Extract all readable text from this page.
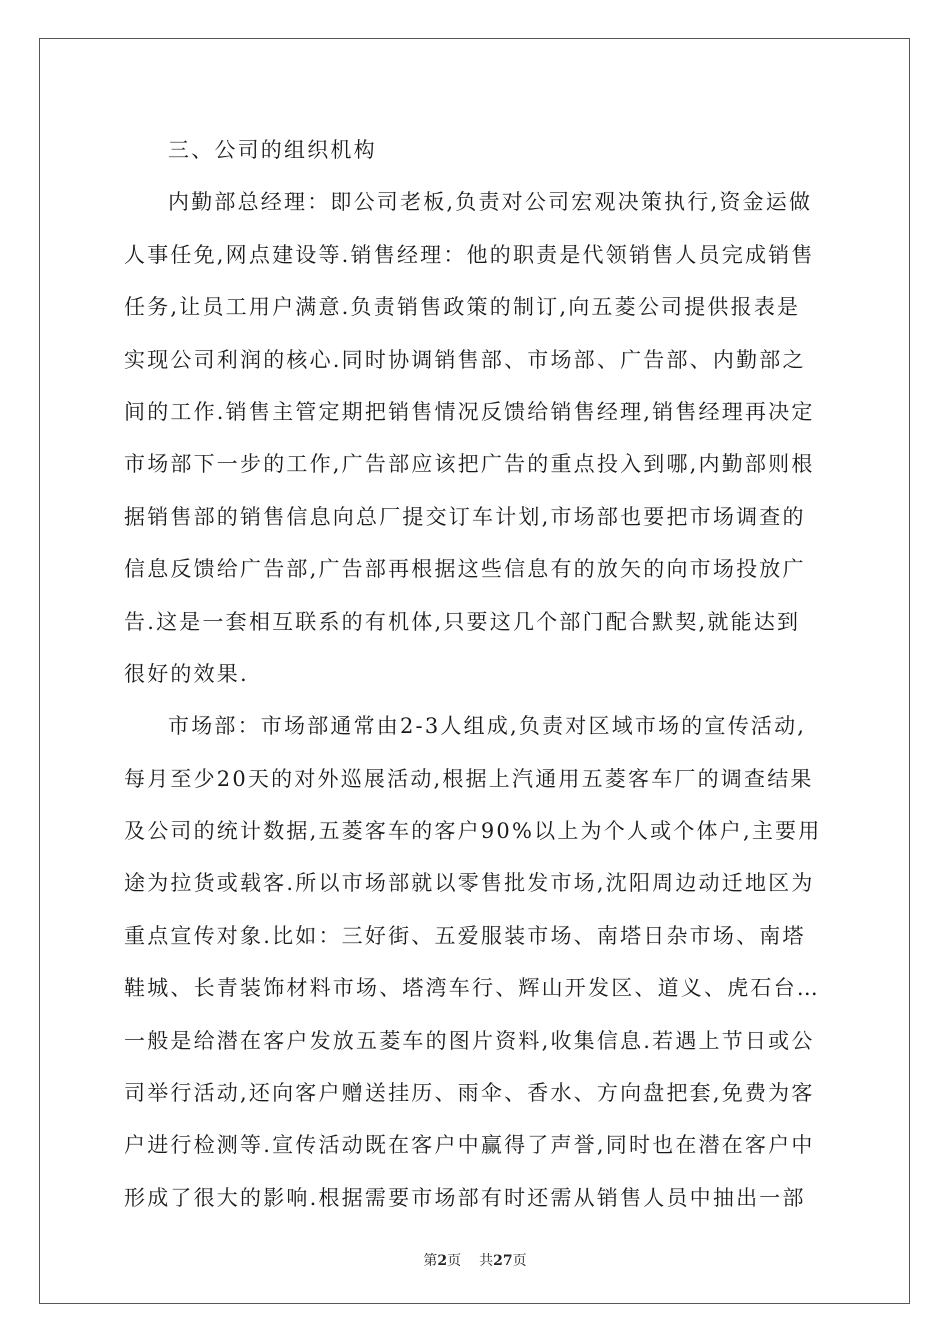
三、公司的组织机构
内勤部总经理：即公司老板,负责对公司宏观决策执行,资金运做
人事任免,网点建设等.销售经理：他的职责是代领销售人员完成销售
任务,让员工用户满意.负责销售政策的制订,向五菱公司提供报表是
实现公司利润的核心.同时协调销售部、市场部、广告部、内勤部之
间的工作.销售主管定期把销售情况反馈给销售经理,销售经理再决定
市场部下一步的工作,广告部应该把广告的重点投入到哪,内勤部则根
据销售部的销售信息向总厂提交订车计划,市场部也要把市场调查的
信息反馈给广告部,广告部再根据这些信息有的放矢的向市场投放广
告.这是一套相互联系的有机体,只要这几个部门配合默契,就能达到
很好的效果.
市场部：市场部通常由2-3人组成,负责对区域市场的宣传活动,
每月至少20天的对外巡展活动,根据上汽通用五菱客车厂的调查结果
及公司的统计数据,五菱客车的客户90%以上为个人或个体户,主要用
途为拉货或载客.所以市场部就以零售批发市场,沈阳周边动迁地区为
重点宣传对象.比如：三好街、五爱服装市场、南塔日杂市场、南塔
鞋城、长青装饰材料市场、塔湾车行、辉山开发区、道义、虎石台…
一般是给潜在客户发放五菱车的图片资料,收集信息.若遇上节日或公
司举行活动,还向客户赠送挂历、雨伞、香水、方向盘把套,免费为客
户进行检测等.宣传活动既在客户中赢得了声誉,同时也在潜在客户中
形成了很大的影响.根据需要市场部有时还需从销售人员中抽出一部
第2页 共27页
